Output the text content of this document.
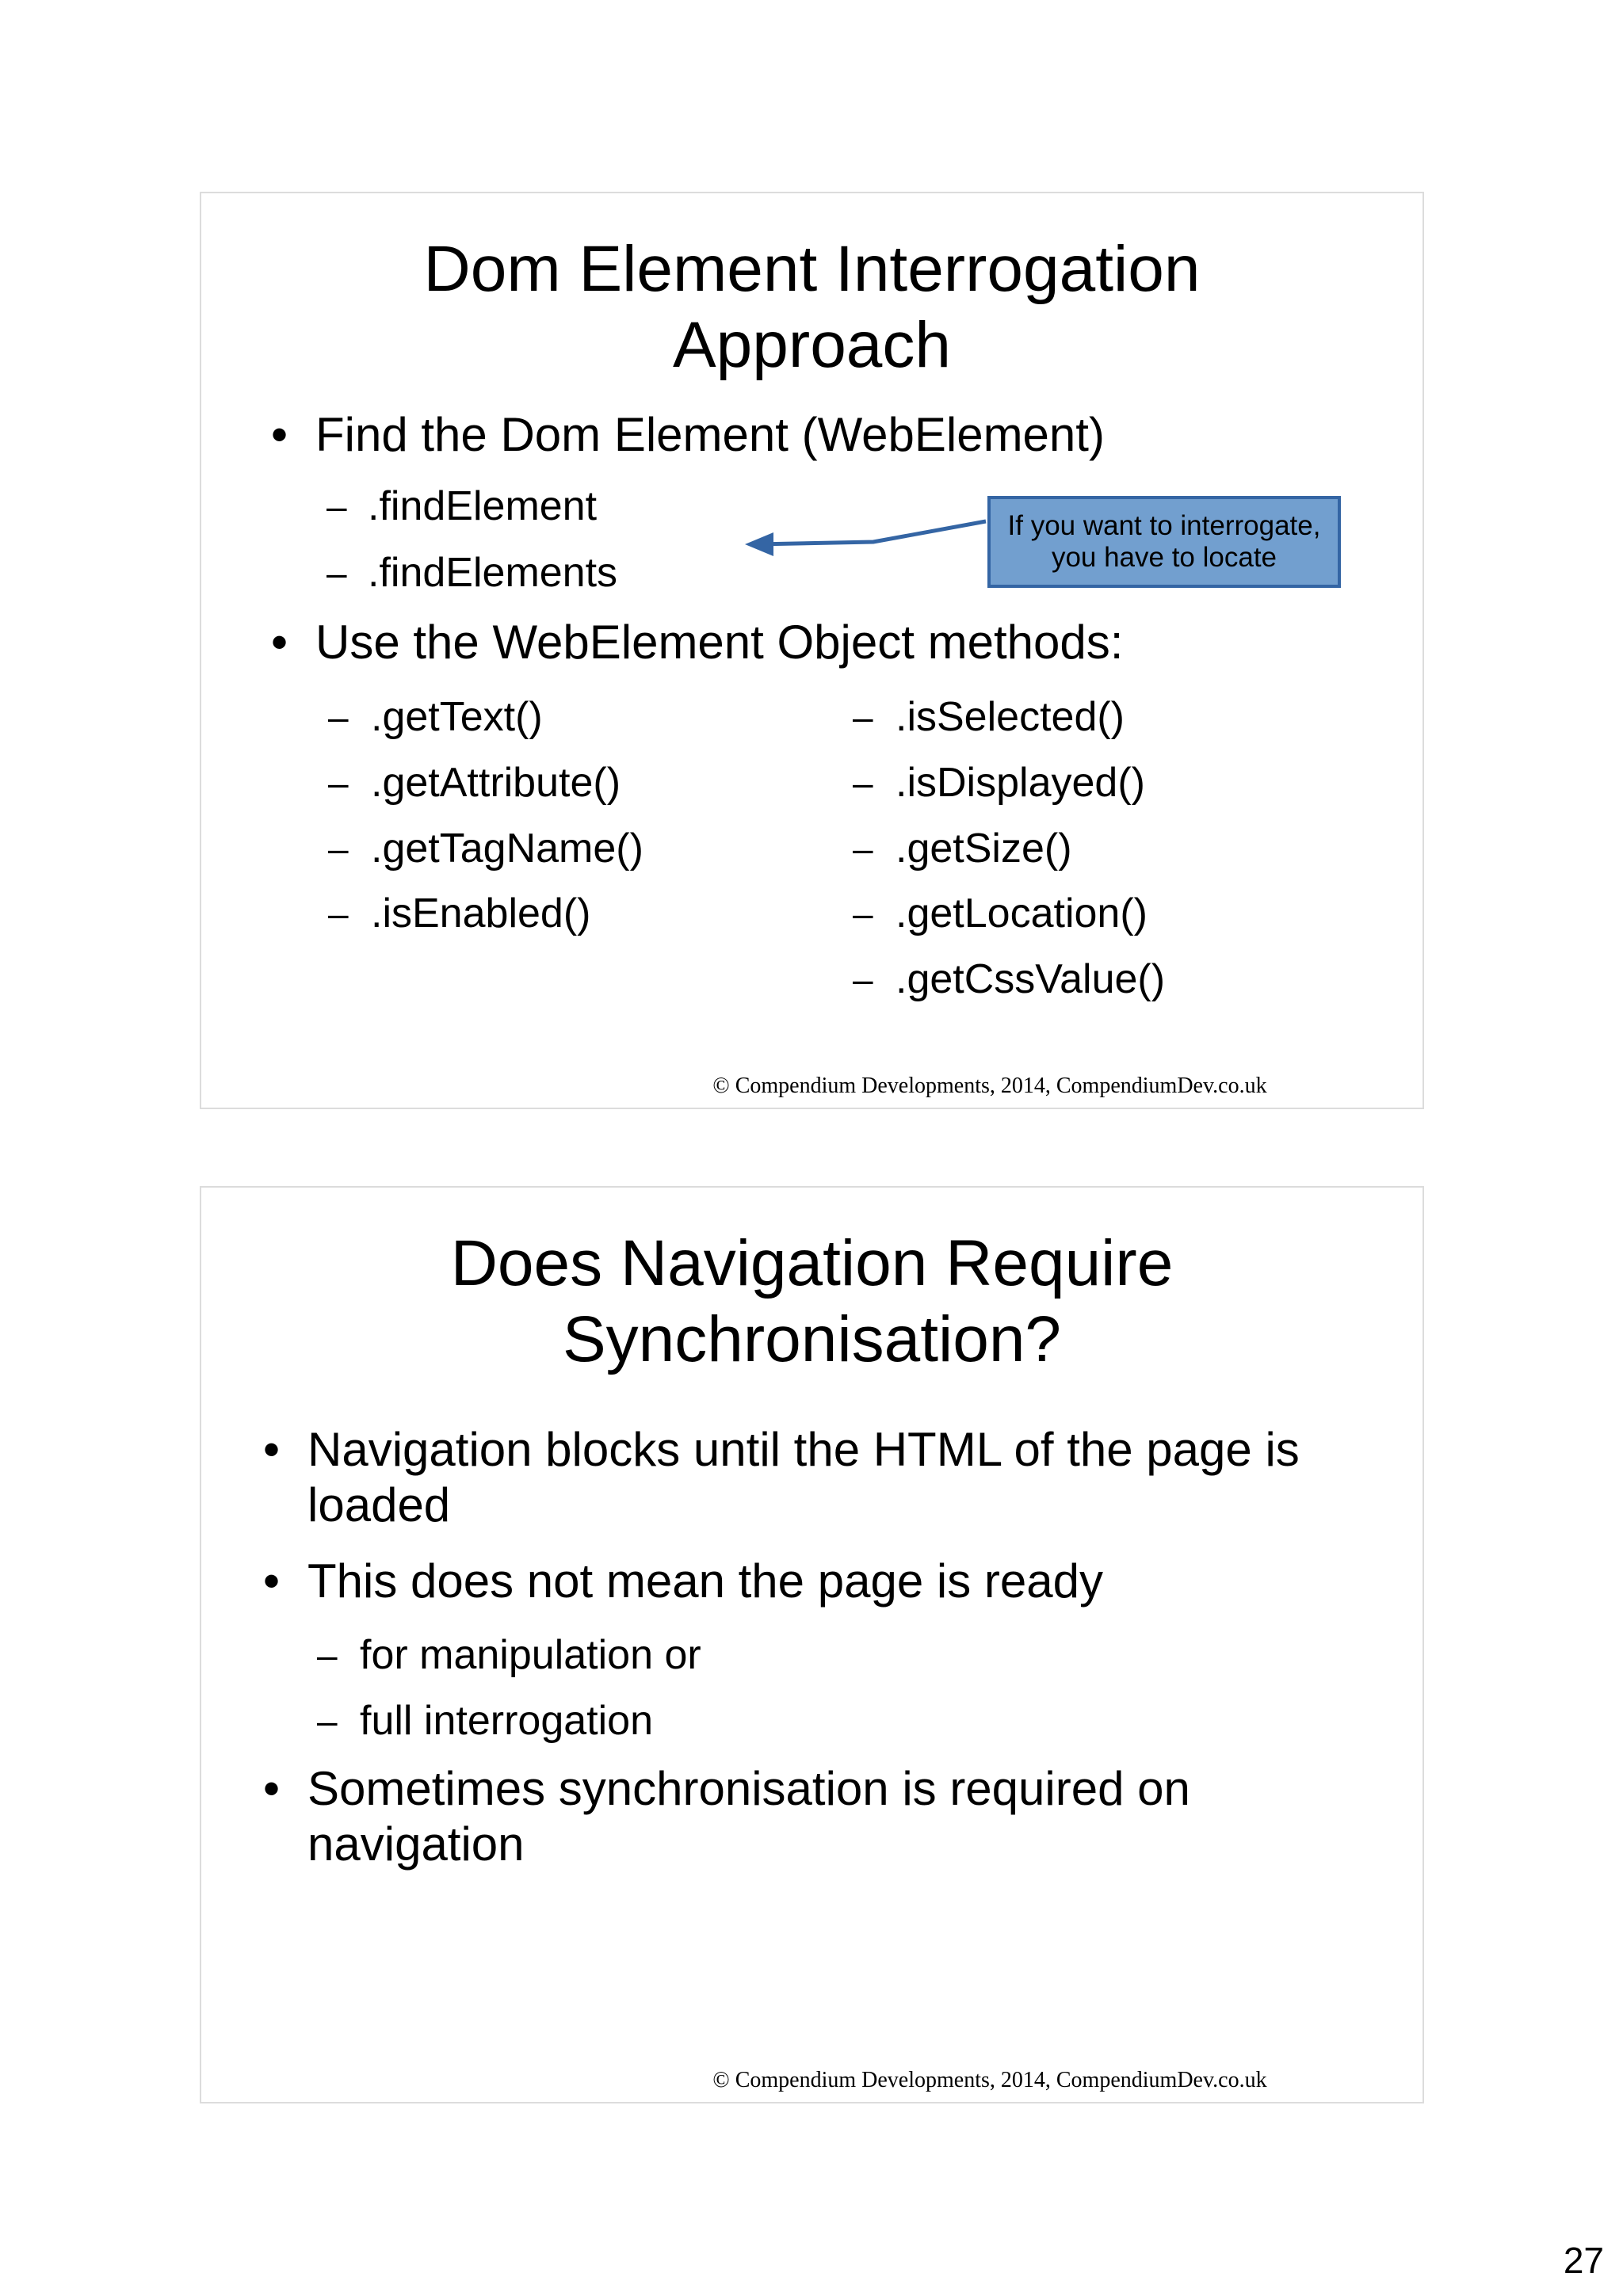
Dom Element Interrogation
Approach
• Find the Dom Element (WebElement)
– .findElement
– .findElements
If you want to interrogate,
you have to locate
• Use the WebElement Object methods:
– .getText()
– .getAttribute()
– .getTagName()
– .isEnabled()
– .isSelected()
– .isDisplayed()
– .getSize()
– .getLocation()
– .getCssValue()
© Compendium Developments, 2014, CompendiumDev.co.uk
Does Navigation Require
Synchronisation?
• Navigation blocks until the HTML of the page is
loaded
• This does not mean the page is ready
– for manipulation or
– full interrogation
• Sometimes synchronisation is required on
navigation
© Compendium Developments, 2014, CompendiumDev.co.uk
27
